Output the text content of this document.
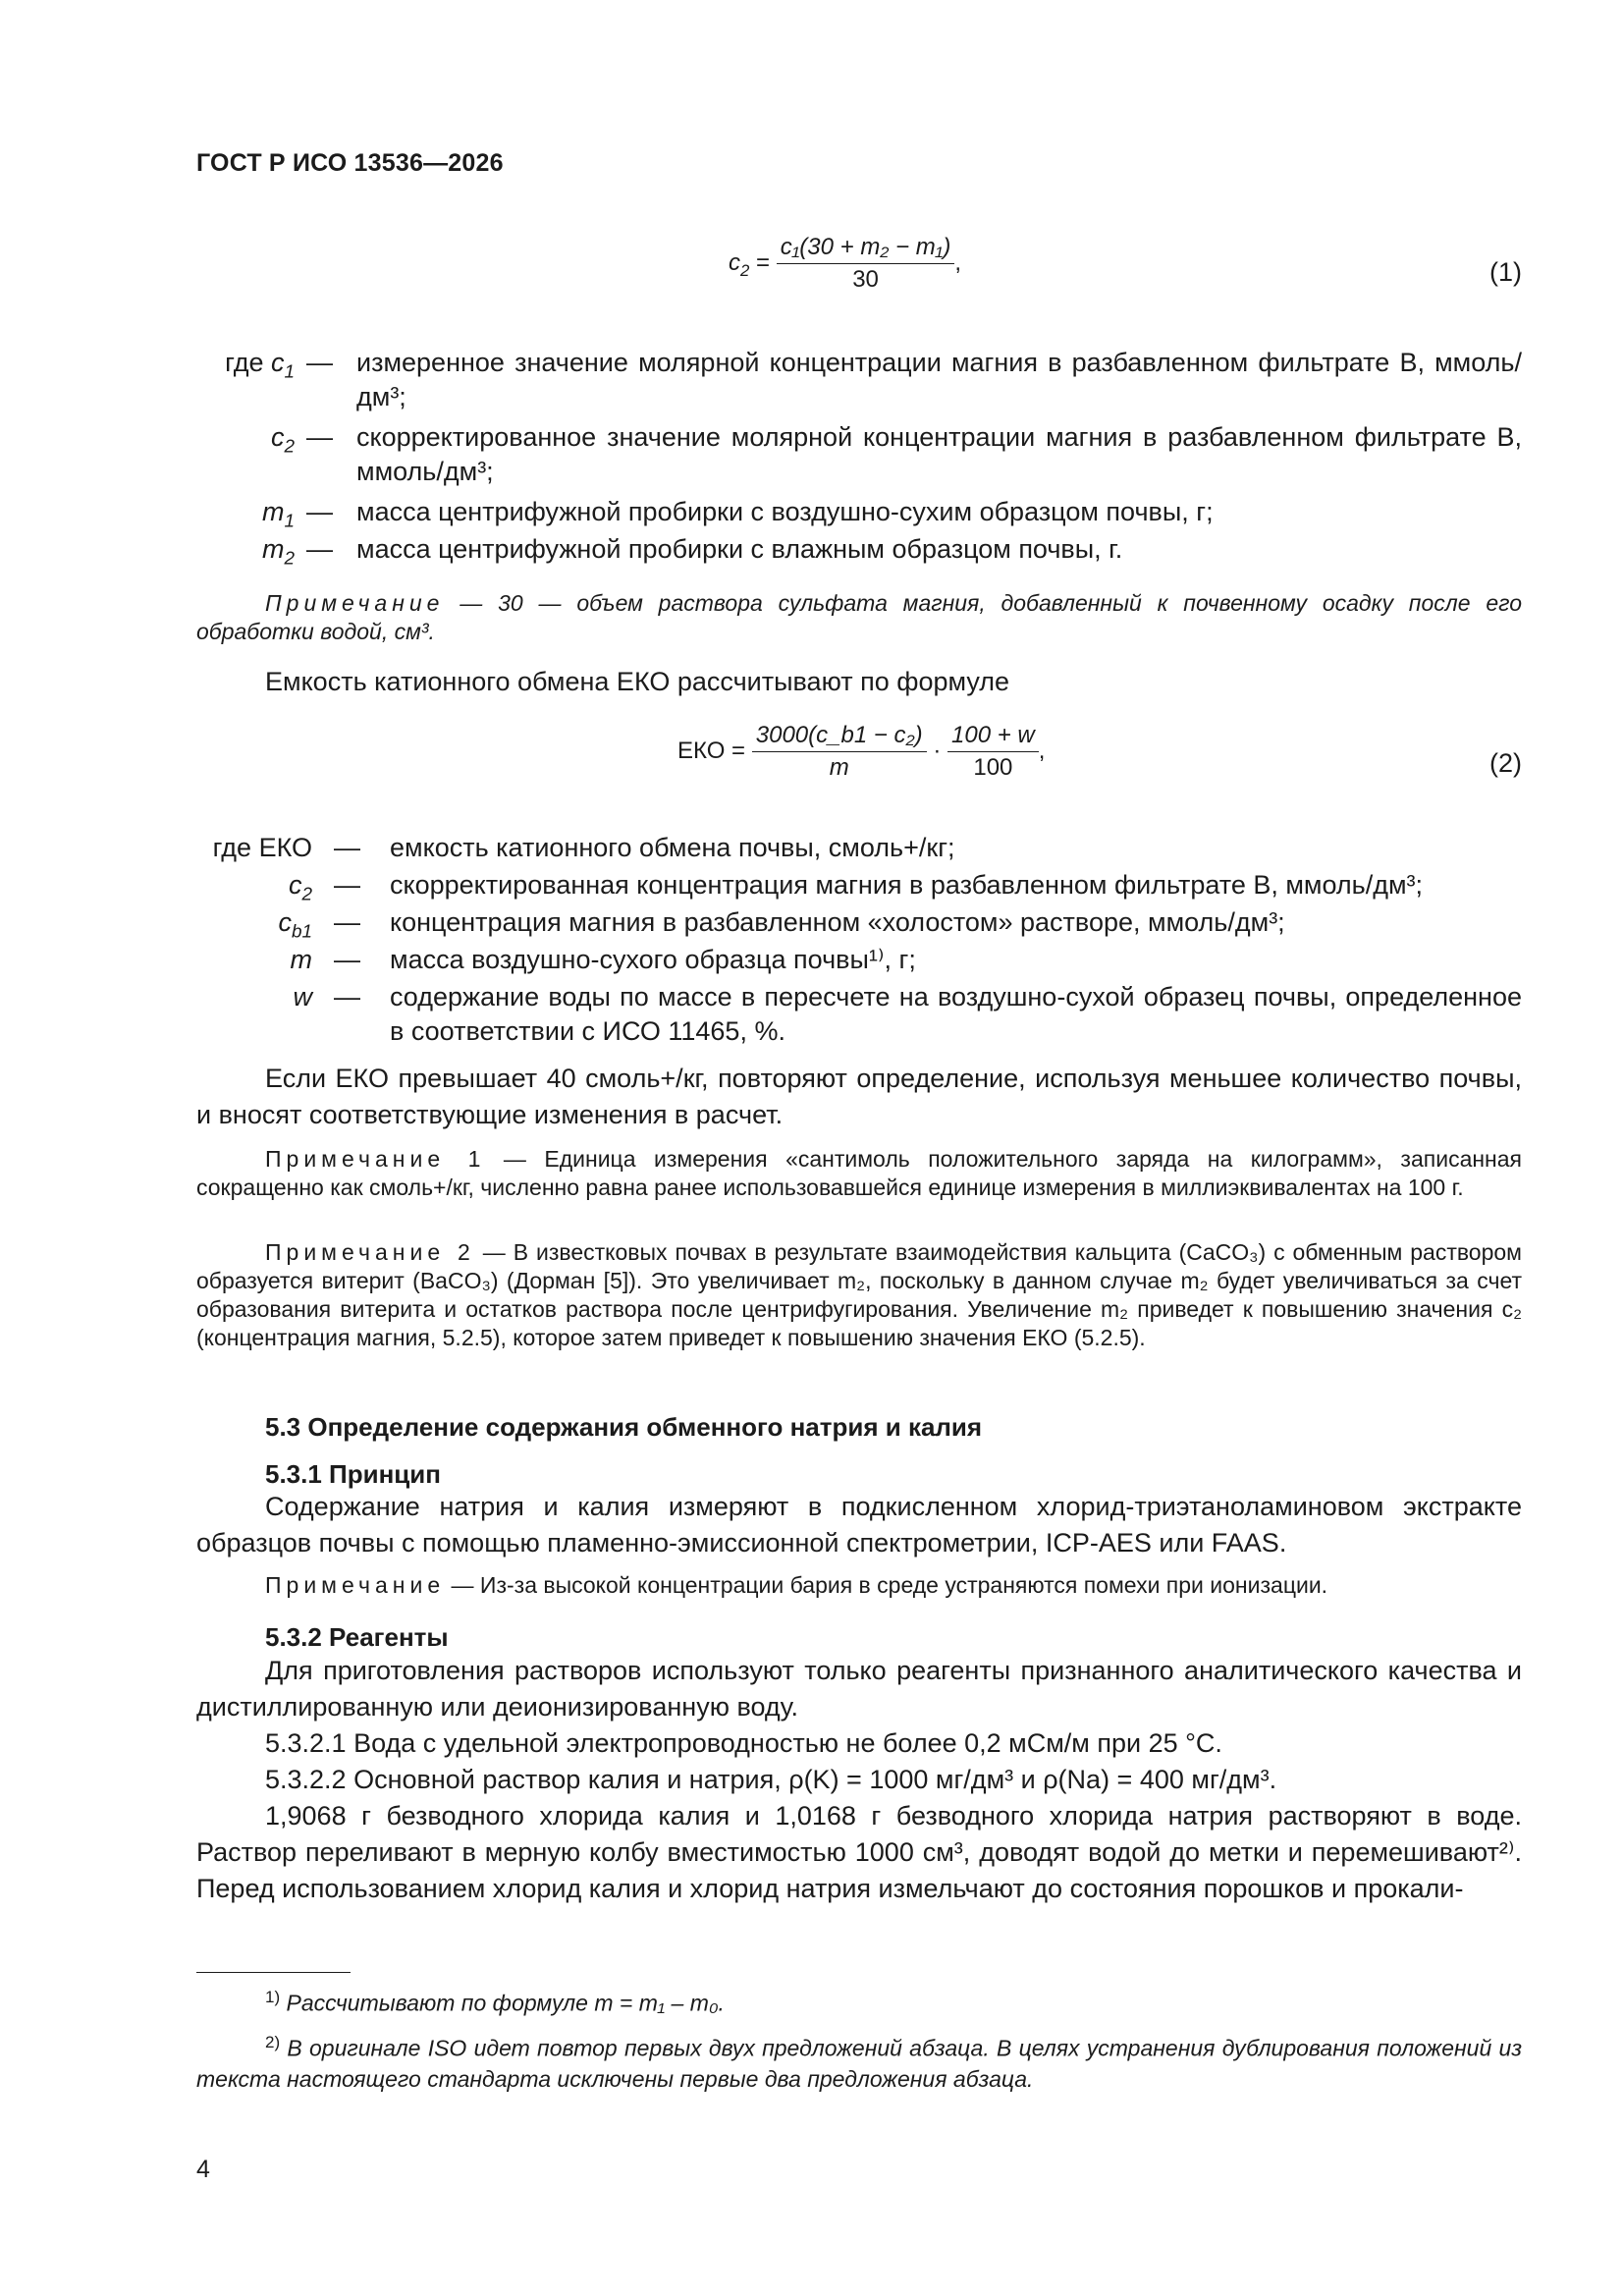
ГОСТ Р ИСО 13536—2026
$c_2 = \frac{\text{c₁(30 + m₂ − m₁)}}{30}$ ,	(1)
где $c_1$ — измеренное значение молярной концентрации магния в разбавленном фильтрате В, ммоль/дм³;
$c_2$ — скорректированное значение молярной концентрации магния в разбавленном фильтрате В, ммоль/дм³;
$m_1$ — масса центрифужной пробирки с воздушно-сухим образцом почвы, г;
$m_2$ — масса центрифужной пробирки с влажным образцом почвы, г.
Примечание — 30 — объем раствора сульфата магния, добавленный к почвенному осадку после его обработки водой, см³.
Емкость катионного обмена ЕКО рассчитывают по формуле
ЕКО = $\frac{\text{3000(c\_b1 − c₂)}}{m} \cdot \frac{100 + w}{100}$ ,	(2)
где ЕКО — емкость катионного обмена почвы, смоль+/кг;
$c_2$ — скорректированная концентрация магния в разбавленном фильтрате В, ммоль/дм³;
$c_{b1}$ — концентрация магния в разбавленном «холостом» растворе, ммоль/дм³;
m — масса воздушно-сухого образца почвы¹⁾, г;
w — содержание воды по массе в пересчете на воздушно-сухой образец почвы, определенное в соответствии с ИСО 11465, %.
Если ЕКО превышает 40 смоль+/кг, повторяют определение, используя меньшее количество почвы, и вносят соответствующие изменения в расчет.
Примечание 1 — Единица измерения «сантимоль положительного заряда на килограмм», записанная сокращенно как смоль+/кг, численно равна ранее использовавшейся единице измерения в миллиэквивалентах на 100 г.
Примечание 2 — В известковых почвах в результате взаимодействия кальцита (CaCO₃) с обменным раствором образуется витерит (BaCO₃) (Дорман [5]). Это увеличивает m₂, поскольку в данном случае m₂ будет увеличиваться за счет образования витерита и остатков раствора после центрифугирования. Увеличение m₂ приведет к повышению значения c₂ (концентрация магния, 5.2.5), которое затем приведет к повышению значения ЕКО (5.2.5).
5.3 Определение содержания обменного натрия и калия
5.3.1 Принцип
Содержание натрия и калия измеряют в подкисленном хлорид-триэтаноламиновом экстракте образцов почвы с помощью пламенно-эмиссионной спектрометрии, ICP-AES или FAAS.
Примечание — Из-за высокой концентрации бария в среде устраняются помехи при ионизации.
5.3.2 Реагенты
Для приготовления растворов используют только реагенты признанного аналитического качества и дистиллированную или деионизированную воду.
5.3.2.1 Вода с удельной электропроводностью не более 0,2 мСм/м при 25 °C.
5.3.2.2 Основной раствор калия и натрия, ρ(K) = 1000 мг/дм³ и ρ(Na) = 400 мг/дм³.
1,9068 г безводного хлорида калия и 1,0168 г безводного хлорида натрия растворяют в воде. Раствор переливают в мерную колбу вместимостью 1000 см³, доводят водой до метки и перемешивают²⁾. Перед использованием хлорид калия и хлорид натрия измельчают до состояния порошков и прокали-
$^{1)}$ Рассчитывают по формуле m = m₁ – m₀.
$^{2)}$ В оригинале ISO идет повтор первых двух предложений абзаца. В целях устранения дублирования положений из текста настоящего стандарта исключены первые два предложения абзаца.
4
